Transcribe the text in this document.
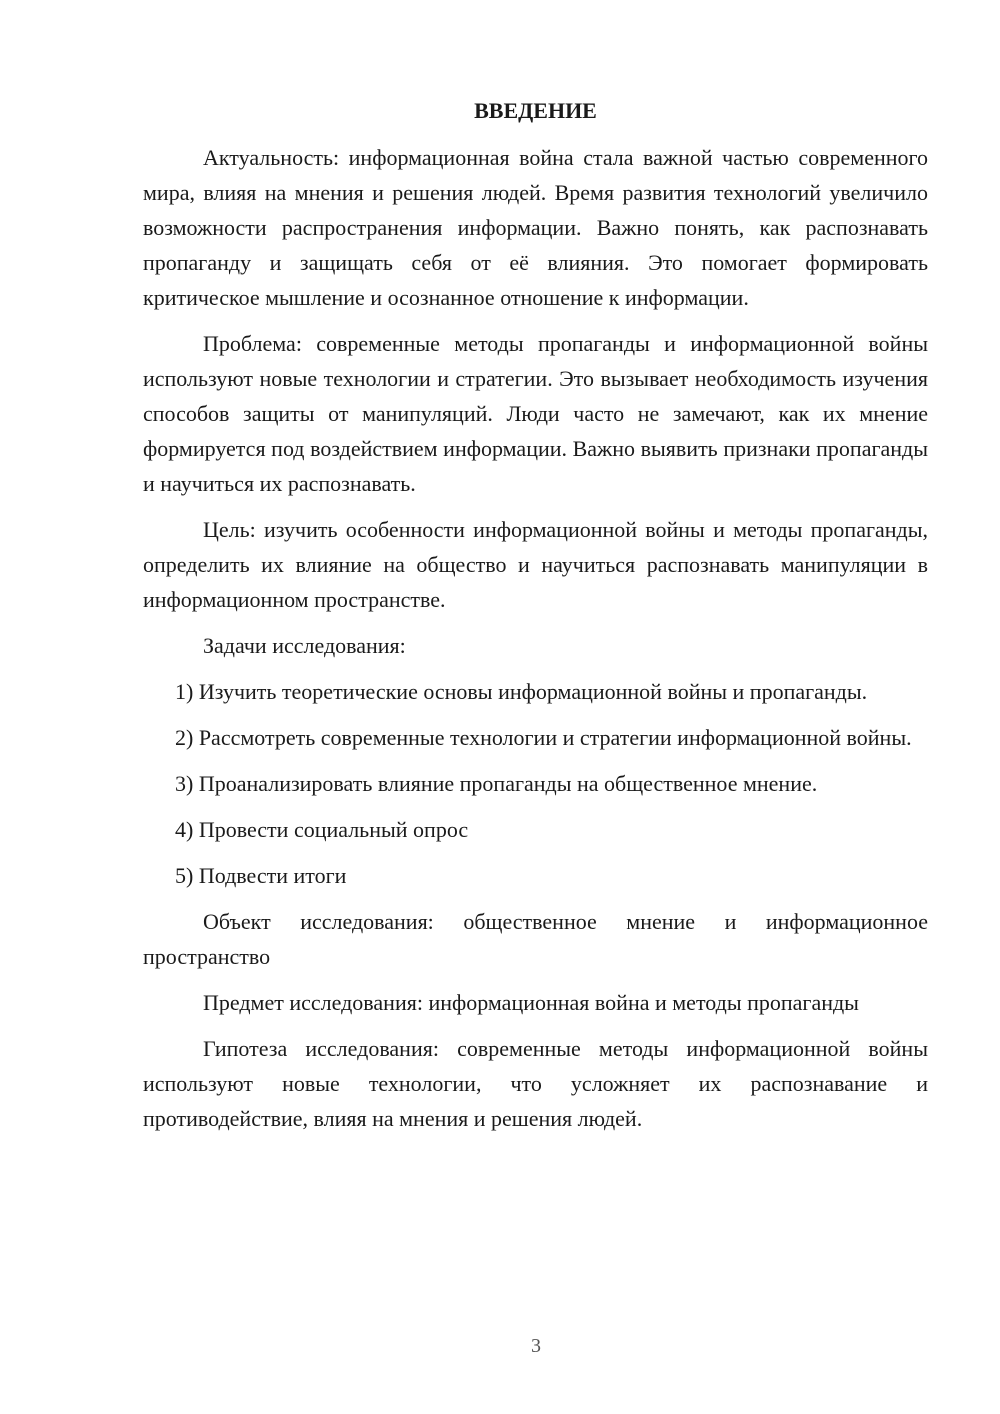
ВВЕДЕНИЕ

Актуальность: информационная война стала важной частью современного мира, влияя на мнения и решения людей. Время развития технологий увеличило возможности распространения информации. Важно понять, как распознавать пропаганду и защищать себя от её влияния. Это помогает формировать критическое мышление и осознанное отношение к информации.

Проблема: современные методы пропаганды и информационной войны используют новые технологии и стратегии. Это вызывает необходимость изучения способов защиты от манипуляций. Люди часто не замечают, как их мнение формируется под воздействием информации. Важно выявить признаки пропаганды и научиться их распознавать.

Цель: изучить особенности информационной войны и методы пропаганды, определить их влияние на общество и научиться распознавать манипуляции в информационном пространстве.

Задачи исследования:

1) Изучить теоретические основы информационной войны и пропаганды.

2) Рассмотреть современные технологии и стратегии информационной войны.

3) Проанализировать влияние пропаганды на общественное мнение.

4) Провести социальный опрос

5) Подвести итоги

Объект исследования: общественное мнение и информационное пространство

Предмет исследования: информационная война и методы пропаганды

Гипотеза исследования: современные методы информационной войны используют новые технологии, что усложняет их распознавание и противодействие, влияя на мнения и решения людей.

3
